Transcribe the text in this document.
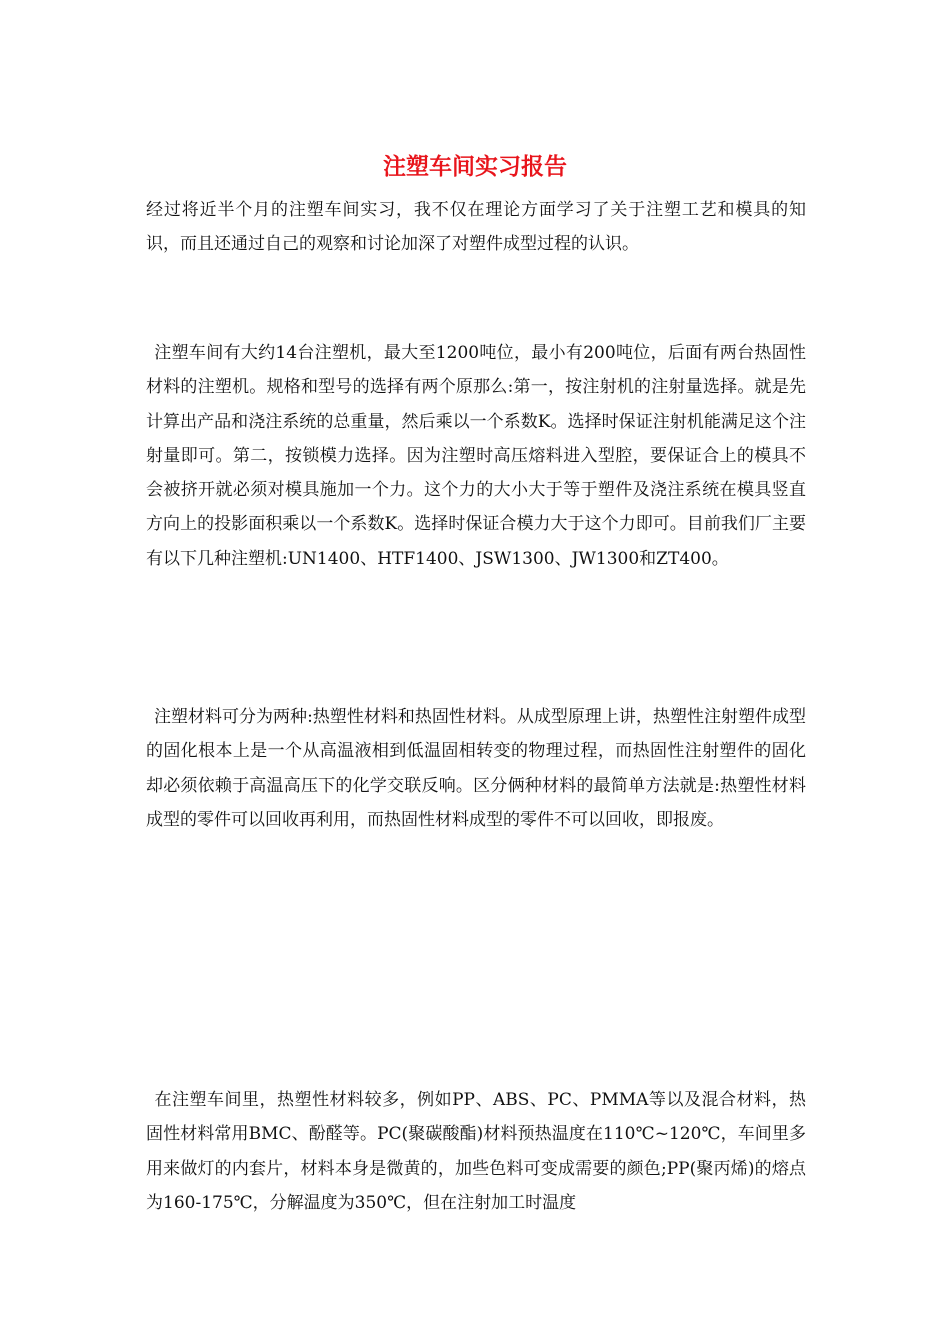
注塑车间实习报告

经过将近半个月的注塑车间实习，我不仅在理论方面学习了关于注塑工艺和模具的知识，而且还通过自己的观察和讨论加深了对塑件成型过程的认识。

注塑车间有大约14台注塑机，最大至1200吨位，最小有200吨位，后面有两台热固性材料的注塑机。规格和型号的选择有两个原那么:第一，按注射机的注射量选择。就是先计算出产品和浇注系统的总重量，然后乘以一个系数K。选择时保证注射机能满足这个注射量即可。第二，按锁模力选择。因为注塑时高压熔料进入型腔，要保证合上的模具不会被挤开就必须对模具施加一个力。这个力的大小大于等于塑件及浇注系统在模具竖直方向上的投影面积乘以一个系数K。选择时保证合模力大于这个力即可。目前我们厂主要有以下几种注塑机:UN1400、HTF1400、JSW1300、JW1300和ZT400。

注塑材料可分为两种:热塑性材料和热固性材料。从成型原理上讲，热塑性注射塑件成型的固化根本上是一个从高温液相到低温固相转变的物理过程，而热固性注射塑件的固化却必须依赖于高温高压下的化学交联反响。区分俩种材料的最简单方法就是:热塑性材料成型的零件可以回收再利用，而热固性材料成型的零件不可以回收，即报废。

在注塑车间里，热塑性材料较多，例如PP、ABS、PC、PMMA等以及混合材料，热固性材料常用BMC、酚醛等。PC(聚碳酸酯)材料预热温度在110℃~120℃，车间里多用来做灯的内套片，材料本身是微黄的，加些色料可变成需要的颜色;PP(聚丙烯)的熔点为160-175℃，分解温度为350℃，但在注射加工时温度
